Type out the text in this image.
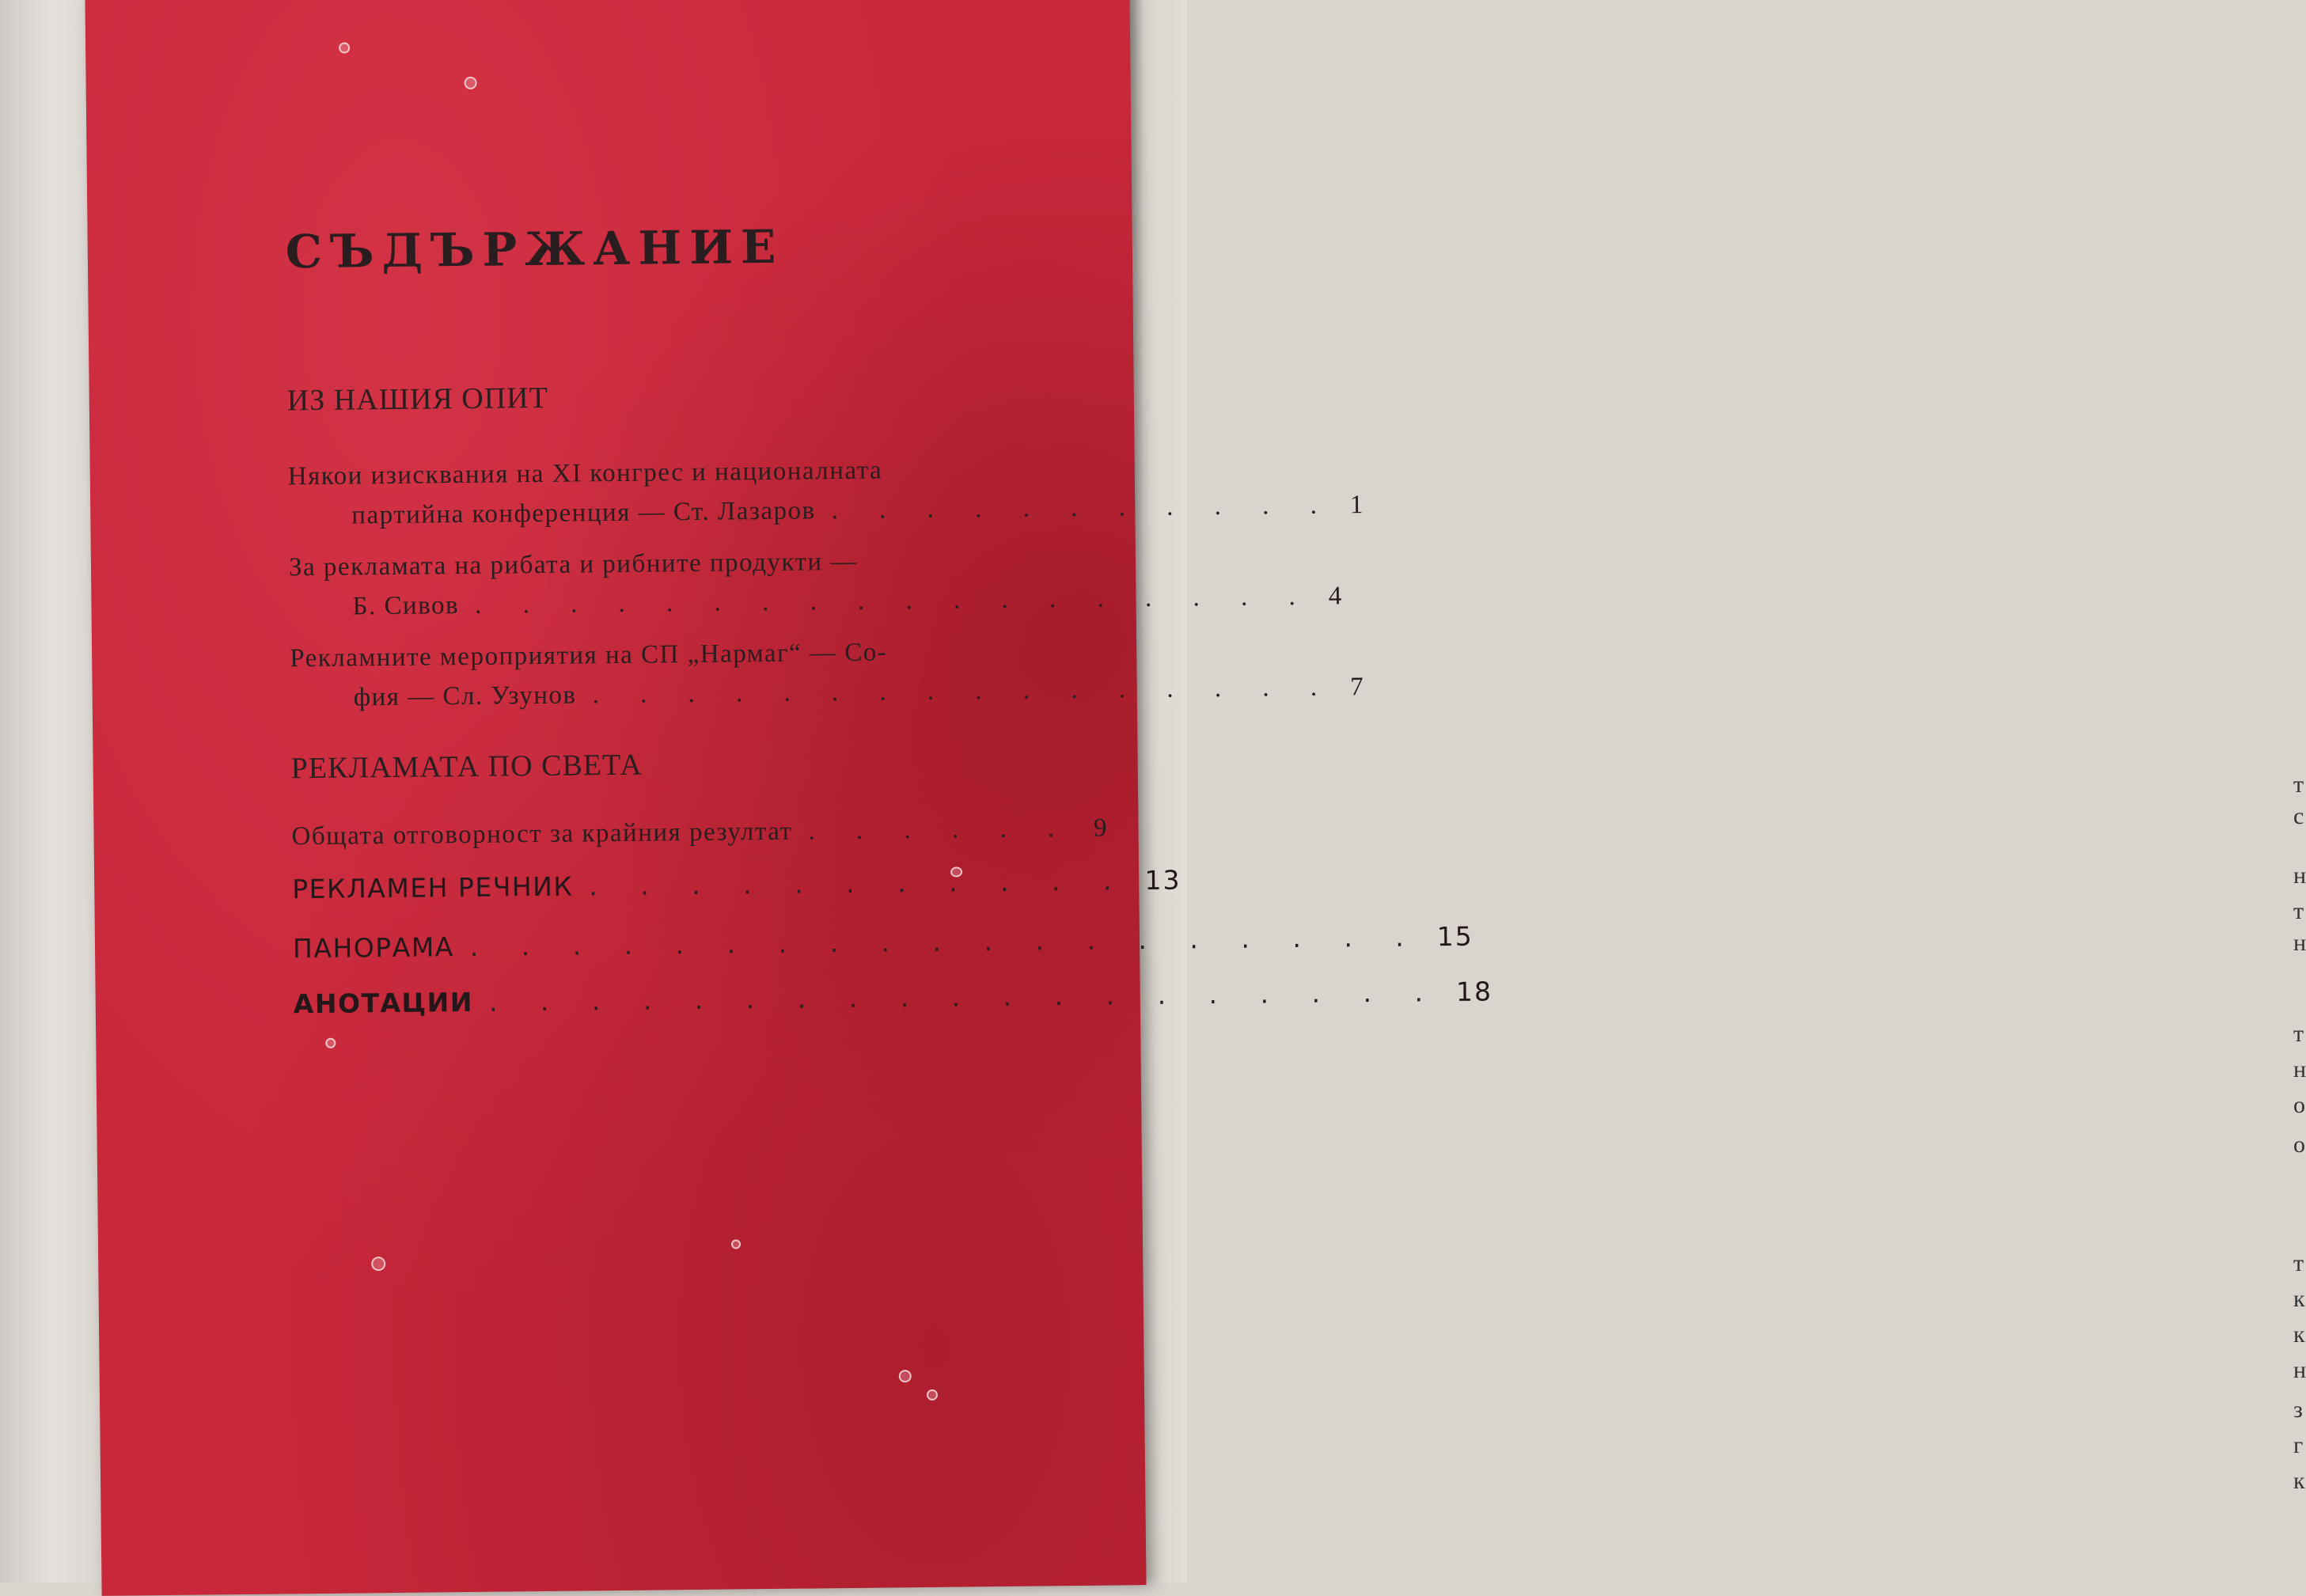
т
с
н
т
н
т
н
о
о
т
к
к
н
з
г
к
СЪДЪРЖАНИЕ
ИЗ НАШИЯ ОПИТ
Някои изисквания на XI конгрес и националната
партийна конференция — Ст. Лазаров . . . . . . . . . . . 1
За рекламата на рибата и рибните продукти —
Б. Сивов . . . . . . . . . . . . . . . . . . 4
Рекламните мероприятия на СП „Нармаг“ — Со-
фия — Сл. Узунов . . . . . . . . . . . . . . . . 7
РЕКЛАМАТА ПО СВЕТА
Общата отговорност за крайния резултат . . . . . . 9
РЕКЛАМЕН РЕЧНИК . . . . . . . . . . . 13
ПАНОРАМА . . . . . . . . . . . . . . . . . . . 15
АНОТАЦИИ . . . . . . . . . . . . . . . . . . . 18
